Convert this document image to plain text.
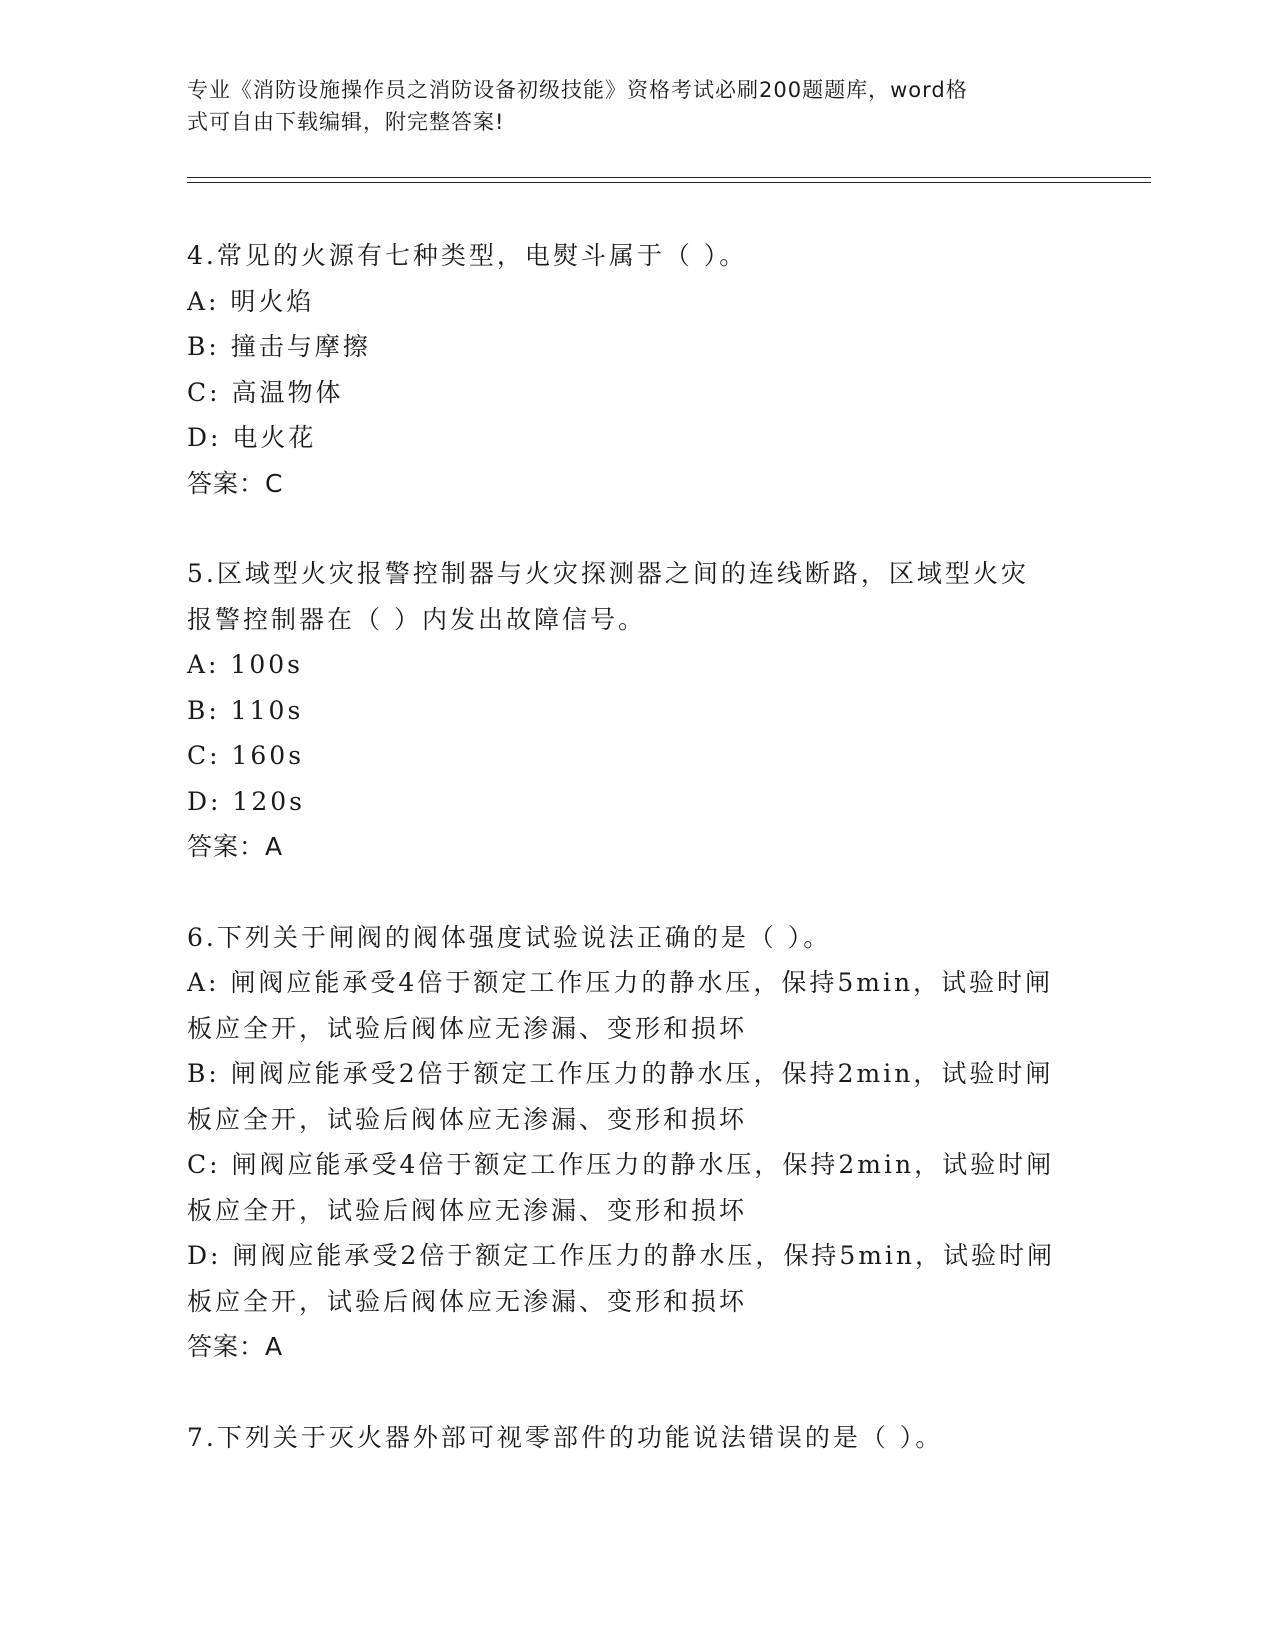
专业《消防设施操作员之消防设备初级技能》资格考试必刷200题题库，word格
式可自由下载编辑，附完整答案!

4.常见的火源有七种类型，电熨斗属于（ ）。

A: 明火焰

B: 撞击与摩擦

C: 高温物体

D: 电火花

答案：C

5.区域型火灾报警控制器与火灾探测器之间的连线断路，区域型火灾

报警控制器在（ ）内发出故障信号。

A: 100s

B: 110s

C: 160s

D: 120s

答案：A

6.下列关于闸阀的阀体强度试验说法正确的是（ ）。

A: 闸阀应能承受4倍于额定工作压力的静水压，保持5min，试验时闸

板应全开，试验后阀体应无渗漏、变形和损坏

B: 闸阀应能承受2倍于额定工作压力的静水压，保持2min，试验时闸

板应全开，试验后阀体应无渗漏、变形和损坏

C: 闸阀应能承受4倍于额定工作压力的静水压，保持2min，试验时闸

板应全开，试验后阀体应无渗漏、变形和损坏

D: 闸阀应能承受2倍于额定工作压力的静水压，保持5min，试验时闸

板应全开，试验后阀体应无渗漏、变形和损坏

答案：A

7.下列关于灭火器外部可视零部件的功能说法错误的是（ ）。
